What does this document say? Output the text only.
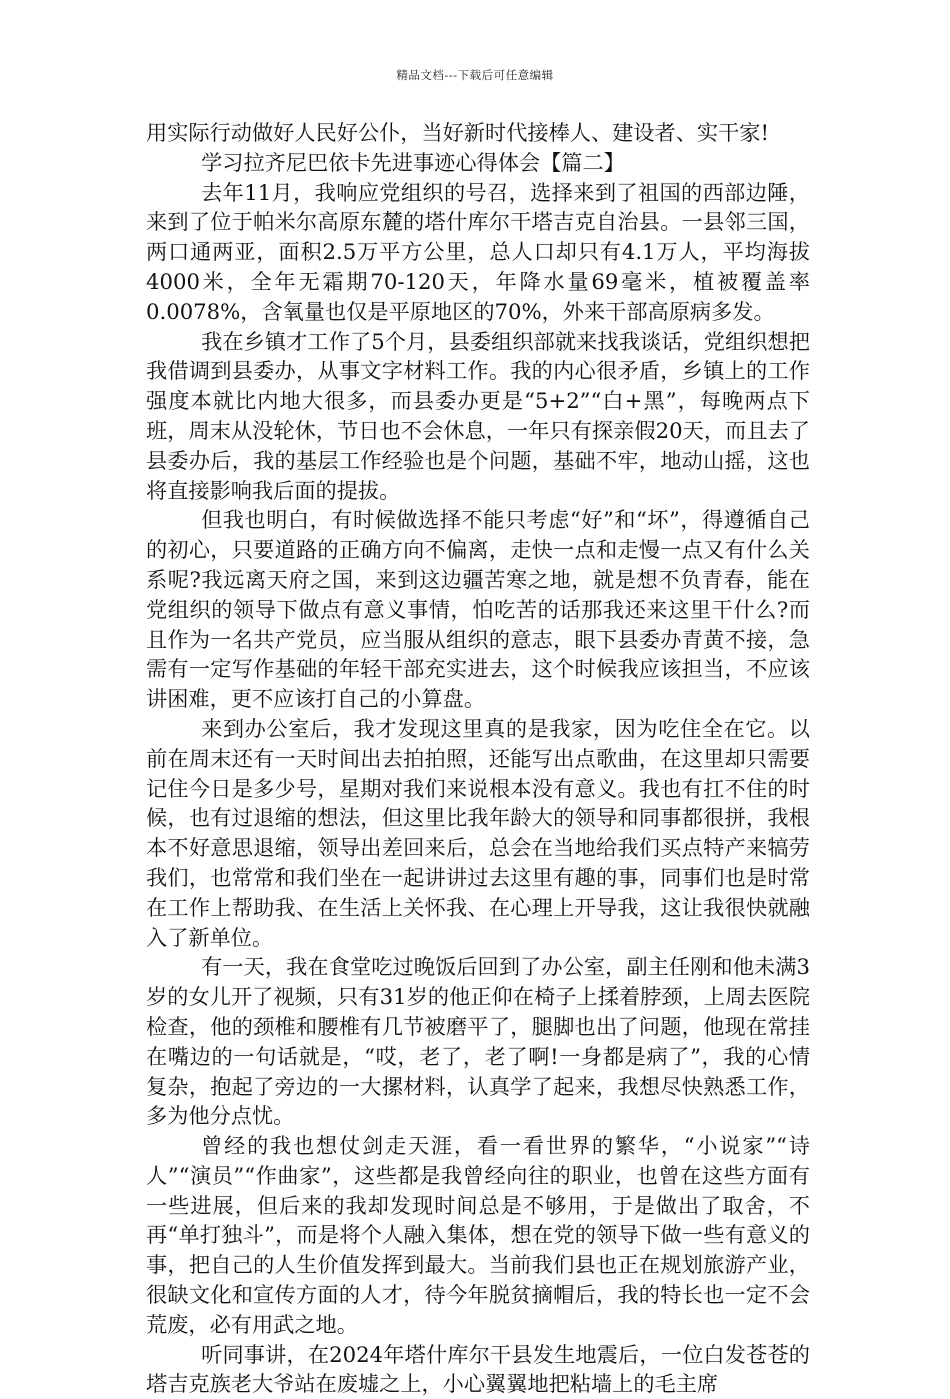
精品文档---下载后可任意编辑

用实际行动做好人民好公仆，当好新时代接棒人、建设者、实干家!

学习拉齐尼巴依卡先进事迹心得体会【篇二】

去年11月，我响应党组织的号召，选择来到了祖国的西部边陲，来到了位于帕米尔高原东麓的塔什库尔干塔吉克自治县。一县邻三国，两口通两亚，面积2.5万平方公里，总人口却只有4.1万人，平均海拔4000米，全年无霜期70-120天，年降水量69毫米，植被覆盖率0.0078%，含氧量也仅是平原地区的70%，外来干部高原病多发。

我在乡镇才工作了5个月，县委组织部就来找我谈话，党组织想把我借调到县委办，从事文字材料工作。我的内心很矛盾，乡镇上的工作强度本就比内地大很多，而县委办更是“5+2”“白+黑”，每晚两点下班，周末从没轮休，节日也不会休息，一年只有探亲假20天，而且去了县委办后，我的基层工作经验也是个问题，基础不牢，地动山摇，这也将直接影响我后面的提拔。

但我也明白，有时候做选择不能只考虑“好”和“坏”，得遵循自己的初心，只要道路的正确方向不偏离，走快一点和走慢一点又有什么关系呢?我远离天府之国，来到这边疆苦寒之地，就是想不负青春，能在党组织的领导下做点有意义事情，怕吃苦的话那我还来这里干什么?而且作为一名共产党员，应当服从组织的意志，眼下县委办青黄不接，急需有一定写作基础的年轻干部充实进去，这个时候我应该担当，不应该讲困难，更不应该打自己的小算盘。

来到办公室后，我才发现这里真的是我家，因为吃住全在它。以前在周末还有一天时间出去拍拍照，还能写出点歌曲，在这里却只需要记住今日是多少号，星期对我们来说根本没有意义。我也有扛不住的时候，也有过退缩的想法，但这里比我年龄大的领导和同事都很拼，我根本不好意思退缩，领导出差回来后，总会在当地给我们买点特产来犒劳我们，也常常和我们坐在一起讲讲过去这里有趣的事，同事们也是时常在工作上帮助我、在生活上关怀我、在心理上开导我，这让我很快就融入了新单位。

有一天，我在食堂吃过晚饭后回到了办公室，副主任刚和他未满3岁的女儿开了视频，只有31岁的他正仰在椅子上揉着脖颈，上周去医院检查，他的颈椎和腰椎有几节被磨平了，腿脚也出了问题，他现在常挂在嘴边的一句话就是，“哎，老了，老了啊!一身都是病了”，我的心情复杂，抱起了旁边的一大摞材料，认真学了起来，我想尽快熟悉工作，多为他分点忧。

曾经的我也想仗剑走天涯，看一看世界的繁华，“小说家”“诗人”“演员”“作曲家”，这些都是我曾经向往的职业，也曾在这些方面有一些进展，但后来的我却发现时间总是不够用，于是做出了取舍，不再“单打独斗”，而是将个人融入集体，想在党的领导下做一些有意义的事，把自己的人生价值发挥到最大。当前我们县也正在规划旅游产业，很缺文化和宣传方面的人才，待今年脱贫摘帽后，我的特长也一定不会荒废，必有用武之地。

听同事讲，在2024年塔什库尔干县发生地震后，一位白发苍苍的塔吉克族老大爷站在废墟之上，小心翼翼地把粘墙上的毛主席
